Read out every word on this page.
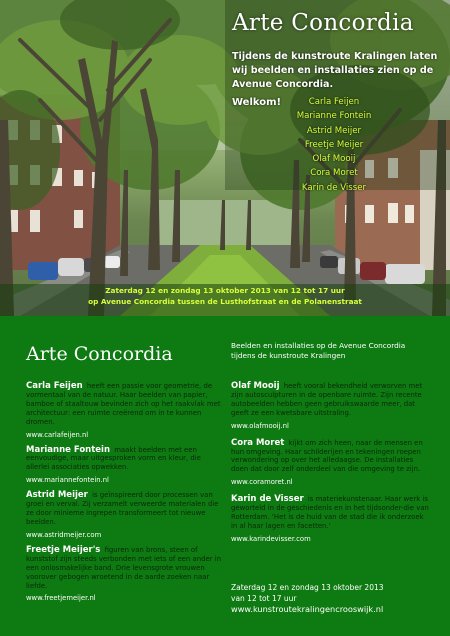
Arte Concordia

Tijdens de kunstroute Kralingen laten wij beelden en installaties zien op de Avenue Concordia.

Welkom!	Carla Feijen
Marianne Fontein
Astrid Meijer
Freetje Meijer
Olaf Mooij
Cora Moret
Karin de Visser

Zaterdag 12 en zondag 13 oktober 2013 van 12 tot 17 uur

op Avenue Concordia tussen de Lusthofstraat en de Polanenstraat

Arte Concordia	Beelden en installaties op de Avenue Concordia
tijdens de kunstroute Kralingen

Carla Feijen heeft een passie voor geometrie, de vormentaal van de natuur. Haar beelden van papier, bamboe of staaltouw bevinden zich op het raakvlak met architectuur: een ruimte creërend om in te kunnen dromen.

www.carlafeijen.nl

Marianne Fontein maakt beelden met een eenvoudige, maar uitgesproken vorm en kleur, die allerlei associaties opwekken.

www.mariannefontein.nl

Astrid Meijer is geïnspireerd door processen van groei en verval. Zij verzamelt verweerde materialen die ze door minieme ingrepen transformeert tot nieuwe beelden.

www.astridmeijer.com

Freetje Meijer's figuren van brons, steen of kunststof zijn steeds verbonden met iets of een ander in een onlosmakelijke band. Drie levensgrote vrouwen voorover gebogen wroetend in de aarde zoeken naar liefde.

www.freetjemeijer.nl

Olaf Mooij heeft vooral bekendheid verworven met zijn autosculpturen in de openbare ruimte. Zijn recente autobeelden hebben geen gebruikswaarde meer, dat geeft ze een kwetsbare uitstraling.

www.olafmooij.nl

Cora Moret kijkt om zich heen, naar de mensen en hun omgeving. Haar schilderijen en tekeningen roepen verwondering op over het alledaagse. De installaties doen dat door zelf onderdeel van die omgeving te zijn.

www.coramoret.nl

Karin de Visser is materiekunstenaar. Haar werk is geworteld in de geschiedenis en in het tijdsonder-die van Rotterdam. ‘Het is de huid van de stad die ik onderzoek in al haar lagen en facetten.’

www.karindevisser.com

Zaterdag 12 en zondag 13 oktober 2013

van 12 tot 17 uur

www.kunstroutekralingencrooswijk.nl
